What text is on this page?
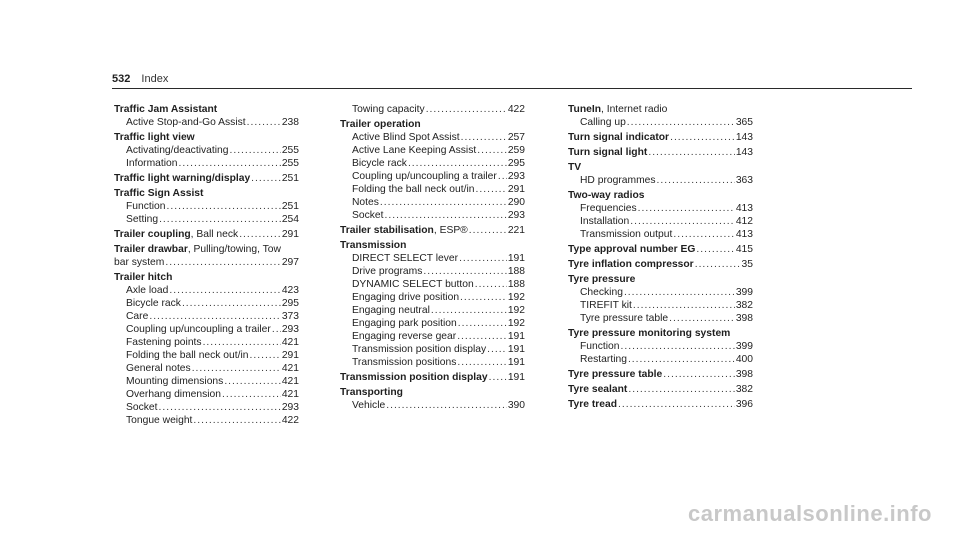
532 Index
Traffic Jam Assistant
Active Stop-and-Go Assist .....	238
Traffic light view
Activating/deactivating .....	255
Information .....	255
Traffic light warning/display .....	251
Traffic Sign Assist
Function .....	251
Setting .....	254
Trailer coupling , Ball neck .....	291
Trailer drawbar , Pulling/towing, Tow
bar system .....	297
Trailer hitch
Axle load .....	423
Bicycle rack .....	295
Care .....	373
Coupling up/uncoupling a trailer ..... 293
Fastening points .....	421
Folding the ball neck out/in .....	291
General notes .....	421
Mounting dimensions .....	421
Overhang dimension .....	421
Socket .....	293
Tongue weight .....	422
Towing capacity .....	422
Trailer operation
Active Blind Spot Assist .....	257
Active Lane Keeping Assist .....	259
Bicycle rack .....	295
Coupling up/uncoupling a trailer ..... 293
Folding the ball neck out/in .....	291
Notes .....	290
Socket .....	293
Trailer stabilisation , ESP® .....	221
Transmission
DIRECT SELECT lever .....	191
Drive programs .....	188
DYNAMIC SELECT button .....	188
Engaging drive position .....	192
Engaging neutral .....	192
Engaging park position .....	192
Engaging reverse gear .....	191
Transmission position display ..... 191
Transmission positions .....	191
Transmission position display ..... 191
Transporting
Vehicle .....	390
TuneIn, Internet radio
Calling up .....	365
Turn signal indicator .....	143
Turn signal light .....	143
TV
HD programmes .....	363
Two-way radios
Frequencies .....	413
Installation .....	412
Transmission output .....	413
Type approval number EG .....	415
Tyre inflation compressor .....	35
Tyre pressure
Checking .....	399
TIREFIT kit .....	382
Tyre pressure table .....	398
Tyre pressure monitoring system
Function .....	399
Restarting .....	400
Tyre pressure table .....	398
Tyre sealant .....	382
Tyre tread .....	396
carmanualsonline.info
